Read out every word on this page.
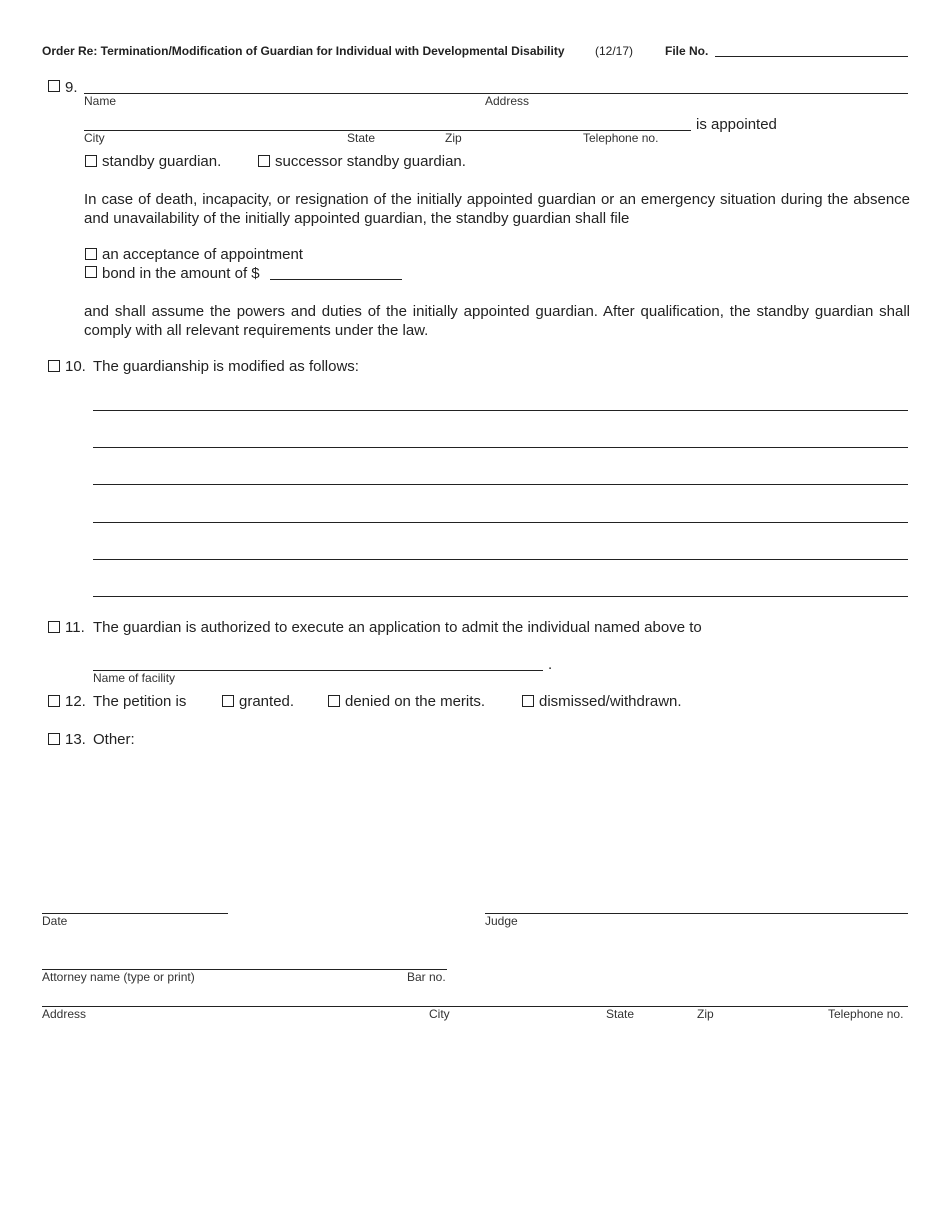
Order Re: Termination/Modification of Guardian for Individual with Developmental Disability	(12/17)	File No.
9.
Name	Address
is appointed
City	State	Zip	Telephone no.
standby guardian.	successor standby guardian.
In case of death, incapacity, or resignation of the initially appointed guardian or an emergency situation during the absence and unavailability of the initially appointed guardian, the standby guardian shall file
an acceptance of appointment
bond in the amount of $
and shall assume the powers and duties of the initially appointed guardian. After qualification, the standby guardian shall comply with all relevant requirements under the law.
10. The guardianship is modified as follows:
11. The guardian is authorized to execute an application to admit the individual named above to
.
Name of facility
12. The petition is	granted.	denied on the merits.	dismissed/withdrawn.
13. Other:
Date	Judge
Attorney name (type or print)	Bar no.
Address	City	State	Zip	Telephone no.
